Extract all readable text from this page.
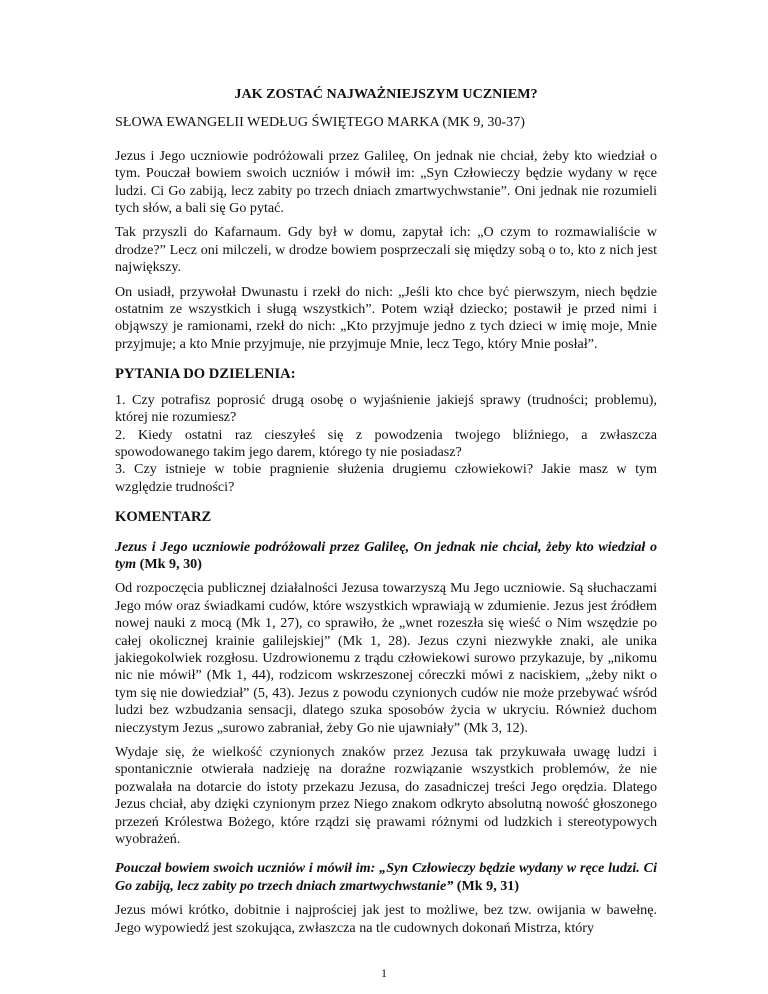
JAK ZOSTAĆ NAJWAŻNIEJSZYM UCZNIEM?

SŁOWA EWANGELII WEDŁUG ŚWIĘTEGO MARKA (MK 9, 30-37)

Jezus i Jego uczniowie podróżowali przez Galileę, On jednak nie chciał, żeby kto wiedział o tym. Pouczał bowiem swoich uczniów i mówił im: „Syn Człowieczy będzie wydany w ręce ludzi. Ci Go zabiją, lecz zabity po trzech dniach zmartwychwstanie”. Oni jednak nie rozumieli tych słów, a bali się Go pytać.

Tak przyszli do Kafarnaum. Gdy był w domu, zapytał ich: „O czym to rozmawialiście w drodze?” Lecz oni milczeli, w drodze bowiem posprzeczali się między sobą o to, kto z nich jest największy.

On usiadł, przywołał Dwunastu i rzekł do nich: „Jeśli kto chce być pierwszym, niech będzie ostatnim ze wszystkich i sługą wszystkich”. Potem wziął dziecko; postawił je przed nimi i objąwszy je ramionami, rzekł do nich: „Kto przyjmuje jedno z tych dzieci w imię moje, Mnie przyjmuje; a kto Mnie przyjmuje, nie przyjmuje Mnie, lecz Tego, który Mnie posłał”.

PYTANIA DO DZIELENIA:

1. Czy potrafisz poprosić drugą osobę o wyjaśnienie jakiejś sprawy (trudności; problemu), której nie rozumiesz?

2. Kiedy ostatni raz cieszyłeś się z powodzenia twojego bliźniego, a zwłaszcza spowodowanego takim jego darem, którego ty nie posiadasz?

3. Czy istnieje w tobie pragnienie służenia drugiemu człowiekowi? Jakie masz w tym względzie trudności?

KOMENTARZ

Jezus i Jego uczniowie podróżowali przez Galileę, On jednak nie chciał, żeby kto wiedział o tym (Mk 9, 30)

Od rozpoczęcia publicznej działalności Jezusa towarzyszą Mu Jego uczniowie. Są słuchaczami Jego mów oraz świadkami cudów, które wszystkich wprawiają w zdumienie. Jezus jest źródłem nowej nauki z mocą (Mk 1, 27), co sprawiło, że „wnet rozeszła się wieść o Nim wszędzie po całej okolicznej krainie galilejskiej” (Mk 1, 28). Jezus czyni niezwykłe znaki, ale unika jakiegokolwiek rozgłosu. Uzdrowionemu z trądu człowiekowi surowo przykazuje, by „nikomu nic nie mówił” (Mk 1, 44), rodzicom wskrzeszonej córeczki mówi z naciskiem, „żeby nikt o tym się nie dowiedział” (5, 43). Jezus z powodu czynionych cudów nie może przebywać wśród ludzi bez wzbudzania sensacji, dlatego szuka sposobów życia w ukryciu. Również duchom nieczystym Jezus „surowo zabraniał, żeby Go nie ujawniały” (Mk 3, 12).

Wydaje się, że wielkość czynionych znaków przez Jezusa tak przykuwała uwagę ludzi i spontanicznie otwierała nadzieję na doraźne rozwiązanie wszystkich problemów, że nie pozwalała na dotarcie do istoty przekazu Jezusa, do zasadniczej treści Jego orędzia. Dlatego Jezus chciał, aby dzięki czynionym przez Niego znakom odkryto absolutną nowość głoszonego przezeń Królestwa Bożego, które rządzi się prawami różnymi od ludzkich i stereotypowych wyobrażeń.

Pouczał bowiem swoich uczniów i mówił im: „Syn Człowieczy będzie wydany w ręce ludzi. Ci Go zabiją, lecz zabity po trzech dniach zmartwychwstanie” (Mk 9, 31)

Jezus mówi krótko, dobitnie i najprościej jak jest to możliwe, bez tzw. owijania w bawełnę. Jego wypowiedź jest szokująca, zwłaszcza na tle cudownych dokonań Mistrza, który

1
